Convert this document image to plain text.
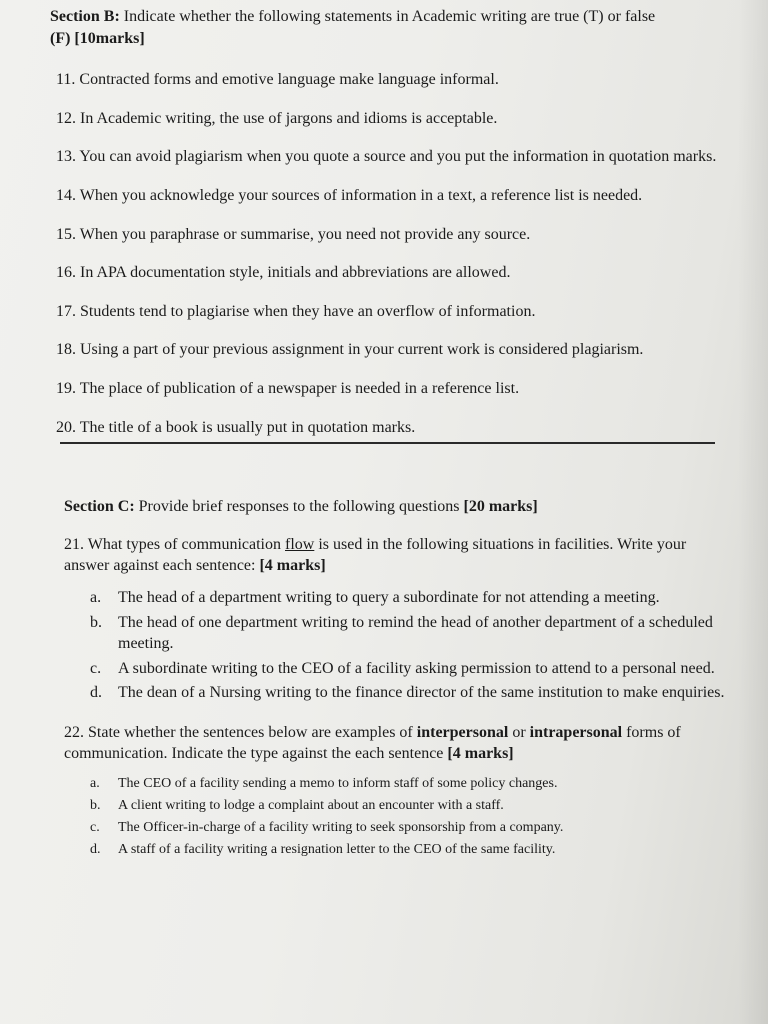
Section B: Indicate whether the following statements in Academic writing are true (T) or false
(F) [10marks]

11. Contracted forms and emotive language make language informal.

12. In Academic writing, the use of jargons and idioms is acceptable.

13. You can avoid plagiarism when you quote a source and you put the information in quotation marks.

14. When you acknowledge your sources of information in a text, a reference list is needed.

15. When you paraphrase or summarise, you need not provide any source.

16. In APA documentation style, initials and abbreviations are allowed.

17. Students tend to plagiarise when they have an overflow of information.

18. Using a part of your previous assignment in your current work is considered plagiarism.

19. The place of publication of a newspaper is needed in a reference list.

20. The title of a book is usually put in quotation marks.

Section C: Provide brief responses to the following questions [20 marks]

21. What types of communication flow is used in the following situations in facilities. Write your answer against each sentence: [4 marks]

a. The head of a department writing to query a subordinate for not attending a meeting.
b. The head of one department writing to remind the head of another department of a scheduled meeting.
c. A subordinate writing to the CEO of a facility asking permission to attend to a personal need.
d. The dean of a Nursing writing to the finance director of the same institution to make enquiries.

22. State whether the sentences below are examples of interpersonal or intrapersonal forms of communication. Indicate the type against the each sentence [4 marks]

a. The CEO of a facility sending a memo to inform staff of some policy changes.
b. A client writing to lodge a complaint about an encounter with a staff.
c. The Officer-in-charge of a facility writing to seek sponsorship from a company.
d. A staff of a facility writing a resignation letter to the CEO of the same facility.
